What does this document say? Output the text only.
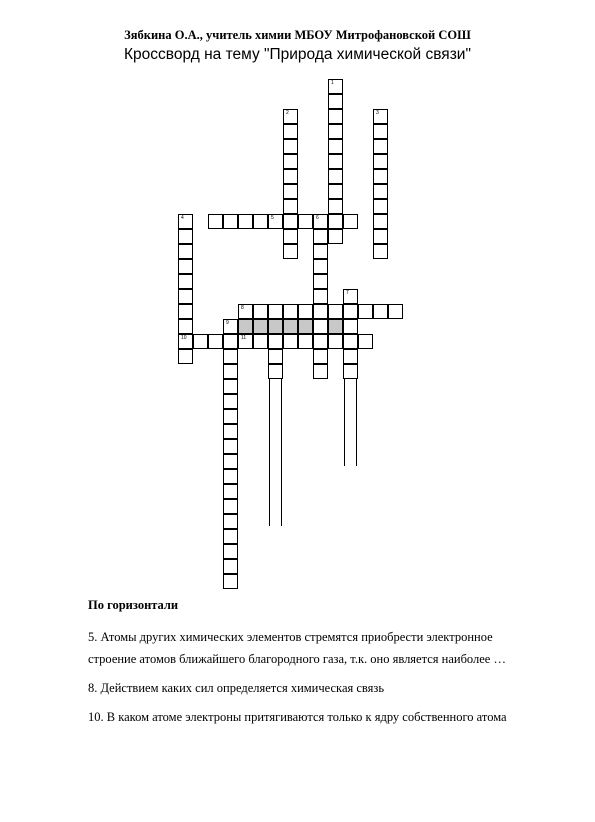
Зябкина О.А., учитель химии МБОУ Митрофановской СОШ
Кроссворд на тему "Природа химической связи"
1
2	3
4	5	6
7
8
9
10	11
По горизонтали
5. Атомы других химических элементов стремятся приобрести электронное строение атомов ближайшего благородного газа, т.к. оно является наиболее …
8. Действием каких сил определяется химическая связь
10. В каком атоме электроны притягиваются только к ядру собственного атома
